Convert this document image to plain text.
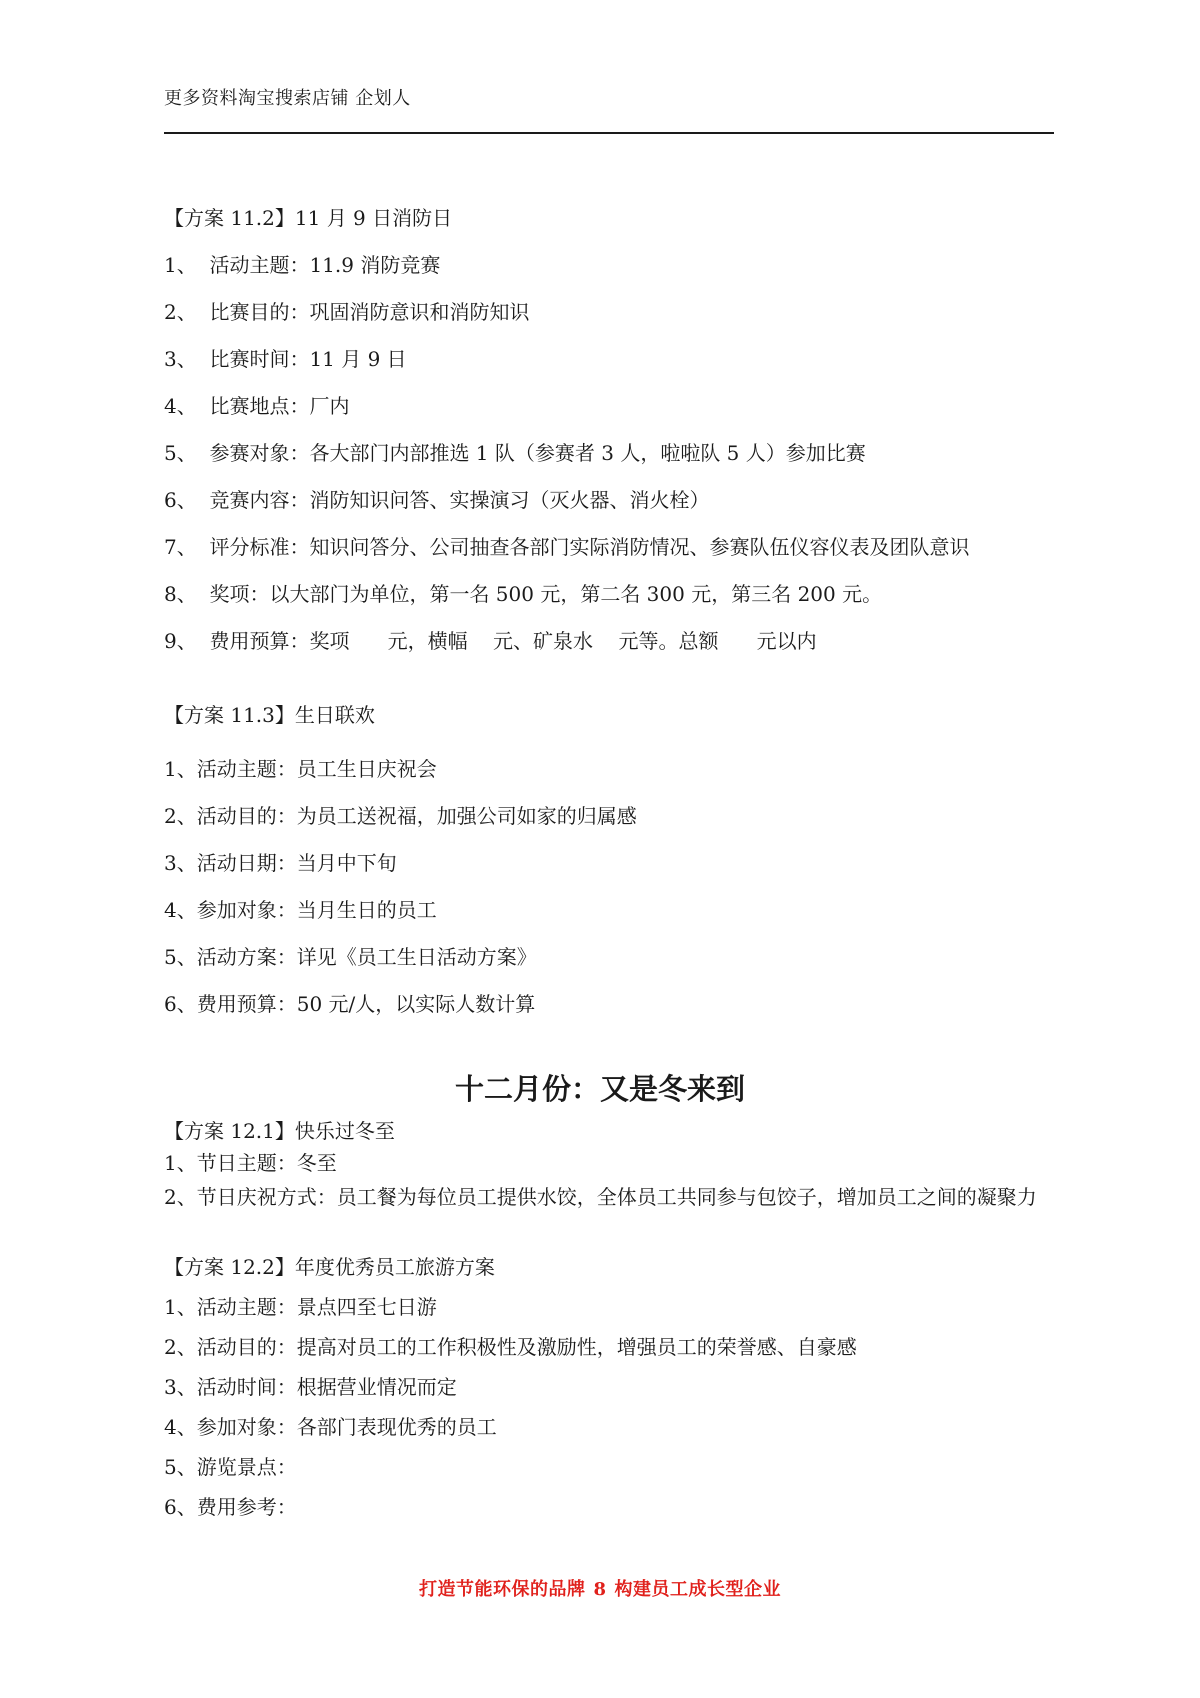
更多资料淘宝搜索店铺 企划人
【方案 11.2】11 月 9 日消防日
1、  活动主题：11.9 消防竞赛
2、  比赛目的：巩固消防意识和消防知识
3、  比赛时间：11 月 9 日
4、  比赛地点：厂内
5、  参赛对象：各大部门内部推选 1 队（参赛者 3 人，啦啦队 5 人）参加比赛
6、  竞赛内容：消防知识问答、实操演习（灭火器、消火栓）
7、  评分标准：知识问答分、公司抽查各部门实际消防情况、参赛队伍仪容仪表及团队意识
8、  奖项：以大部门为单位，第一名 500 元，第二名 300 元，第三名 200 元。
9、  费用预算：奖项      元，横幅    元、矿泉水    元等。总额      元以内
【方案 11.3】生日联欢
1、活动主题：员工生日庆祝会
2、活动目的：为员工送祝福，加强公司如家的归属感
3、活动日期：当月中下旬
4、参加对象：当月生日的员工
5、活动方案：详见《员工生日活动方案》
6、费用预算：50 元/人，以实际人数计算
十二月份：又是冬来到
【方案 12.1】快乐过冬至
1、节日主题：冬至
2、节日庆祝方式：员工餐为每位员工提供水饺，全体员工共同参与包饺子，增加员工之间的凝聚力
【方案 12.2】年度优秀员工旅游方案
1、活动主题：景点四至七日游
2、活动目的：提高对员工的工作积极性及激励性，增强员工的荣誉感、自豪感
3、活动时间：根据营业情况而定
4、参加对象：各部门表现优秀的员工
5、游览景点：
6、费用参考：
打造节能环保的品牌 8 构建员工成长型企业
